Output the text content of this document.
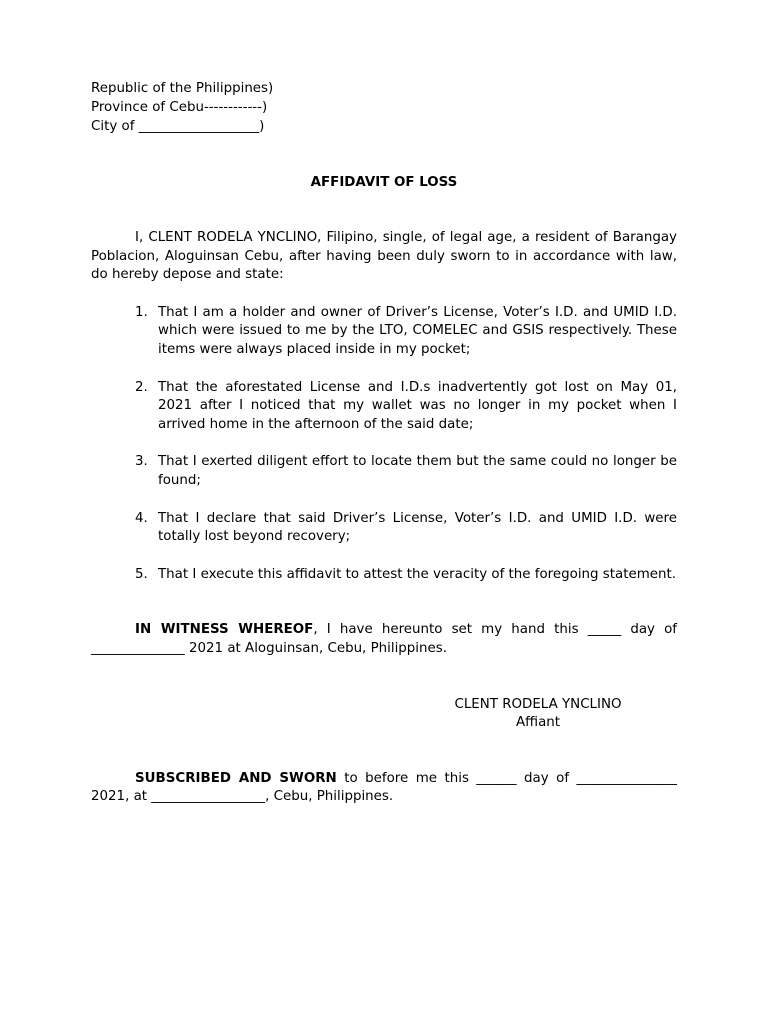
Republic of the Philippines)
Province of Cebu------------)
City of __________________)
AFFIDAVIT OF LOSS
I, CLENT RODELA YNCLINO, Filipino, single, of legal age, a resident of Barangay Poblacion, Aloguinsan Cebu, after having been duly sworn to in accordance with law, do hereby depose and state:
1. That I am a holder and owner of Driver’s License, Voter’s I.D. and UMID I.D. which were issued to me by the LTO, COMELEC and GSIS respectively. These items were always placed inside in my pocket;
2. That the aforestated License and I.D.s inadvertently got lost on May 01, 2021 after I noticed that my wallet was no longer in my pocket when I arrived home in the afternoon of the said date;
3. That I exerted diligent effort to locate them but the same could no longer be found;
4. That I declare that said Driver’s License, Voter’s I.D. and UMID I.D. were totally lost beyond recovery;
5. That I execute this affidavit to attest the veracity of the foregoing statement.
IN WITNESS WHEREOF, I have hereunto set my hand this _____ day of ______________ 2021 at Aloguinsan, Cebu, Philippines.
CLENT RODELA YNCLINO
Affiant
SUBSCRIBED AND SWORN to before me this ______ day of _______________ 2021, at _________________, Cebu, Philippines.
